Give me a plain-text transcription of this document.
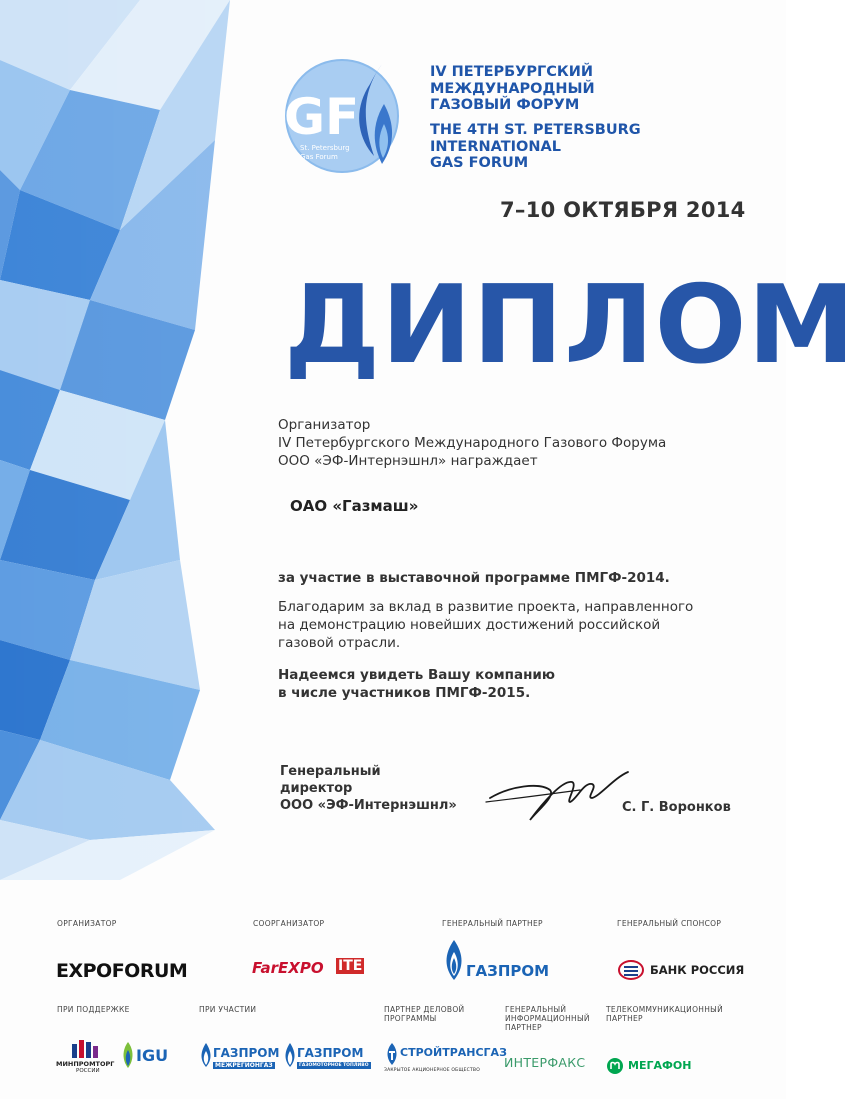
GF
St. Petersburg
Gas Forum
IV ПЕТЕРБУРГСКИЙ
МЕЖДУНАРОДНЫЙ
ГАЗОВЫЙ ФОРУМ
THE 4TH ST. PETERSBURG
INTERNATIONAL
GAS FORUM
7–10 ОКТЯБРЯ 2014
ДИПЛОМ
Организатор
IV Петербургского Международного Газового Форума
ООО «ЭФ-Интернэшнл» награждает
ОАО «Газмаш»
за участие в выставочной программе ПМГФ-2014.
Благодарим за вклад в развитие проекта, направленного
на демонстрацию новейших достижений российской
газовой отрасли.
Надеемся увидеть Вашу компанию
в числе участников ПМГФ-2015.
Генеральный
директор
ООО «ЭФ-Интернэшнл»	С. Г. Воронков
ОРГАНИЗАТОР	СООРГАНИЗАТОР	ГЕНЕРАЛЬНЫЙ ПАРТНЕР	ГЕНЕРАЛЬНЫЙ СПОНСОР
EXPOFORUM	FarEXPO ITE	ГАЗПРОМ	БАНК РОССИЯ
ПРИ ПОДДЕРЖКЕ	ПРИ УЧАСТИИ	ПАРТНЕР ДЕЛОВОЙ
ПРОГРАММЫ
ГЕНЕРАЛЬНЫЙ
ИНФОРМАЦИОННЫЙ
ПАРТНЕР
ТЕЛЕКОММУНИКАЦИОННЫЙ
ПАРТНЕР
МИНПРОМТОРГ
РОССИИ
IGU	ГАЗПРОМ
МЕЖРЕГИОНГАЗ
ГАЗПРОМ
ГАЗОМОТОРНОЕ ТОПЛИВО
СТРОЙТРАНСГАЗ
ЗАКРЫТОЕ АКЦИОНЕРНОЕ ОБЩЕСТВО
ИНТЕРФАКС	МЕГАФОН
